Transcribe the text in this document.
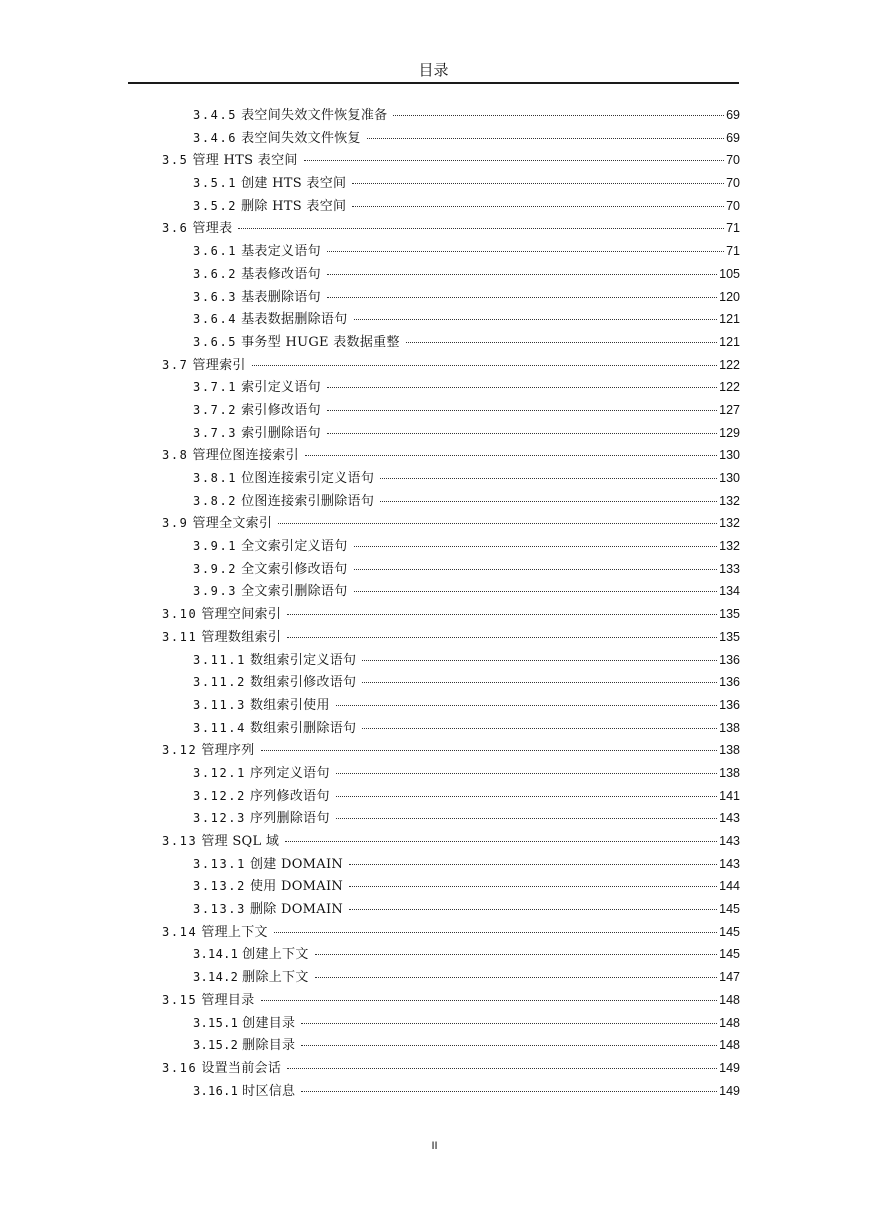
目录
3.4.5 表空间失效文件恢复准备	69
3.4.6 表空间失效文件恢复	69
3.5 管理 HTS 表空间	70
3.5.1 创建 HTS 表空间	70
3.5.2 删除 HTS 表空间	70
3.6 管理表	71
3.6.1 基表定义语句	71
3.6.2 基表修改语句	105
3.6.3 基表删除语句	120
3.6.4 基表数据删除语句	121
3.6.5 事务型 HUGE 表数据重整	121
3.7 管理索引	122
3.7.1 索引定义语句	122
3.7.2 索引修改语句	127
3.7.3 索引删除语句	129
3.8 管理位图连接索引	130
3.8.1 位图连接索引定义语句	130
3.8.2 位图连接索引删除语句	132
3.9 管理全文索引	132
3.9.1 全文索引定义语句	132
3.9.2 全文索引修改语句	133
3.9.3 全文索引删除语句	134
3.10 管理空间索引	135
3.11 管理数组索引	135
3.11.1 数组索引定义语句	136
3.11.2 数组索引修改语句	136
3.11.3 数组索引使用	136
3.11.4 数组索引删除语句	138
3.12 管理序列	138
3.12.1 序列定义语句	138
3.12.2 序列修改语句	141
3.12.3 序列删除语句	143
3.13 管理 SQL 域	143
3.13.1 创建 DOMAIN	143
3.13.2 使用 DOMAIN	144
3.13.3 删除 DOMAIN	145
3.14 管理上下文	145
3.14.1 创建上下文	145
3.14.2 删除上下文	147
3.15 管理目录	148
3.15.1 创建目录	148
3.15.2 删除目录	148
3.16 设置当前会话	149
3.16.1 时区信息	149
II
